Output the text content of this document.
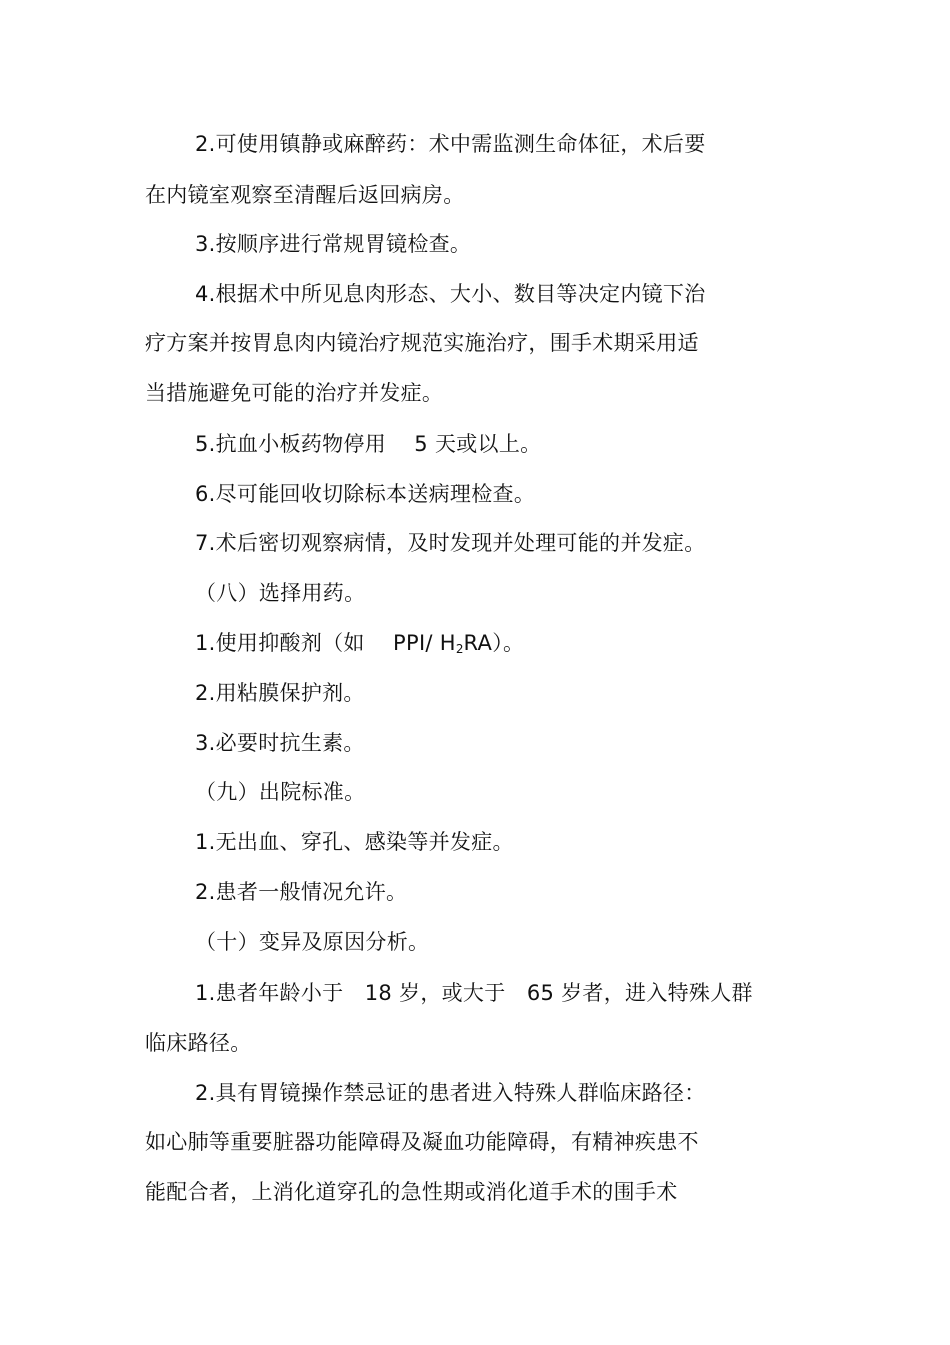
2.可使用镇静或麻醉药：术中需监测生命体征，术后要
在内镜室观察至清醒后返回病房。
3.按顺序进行常规胃镜检查。
4.根据术中所见息肉形态、大小、数目等决定内镜下治
疗方案并按胃息肉内镜治疗规范实施治疗，围手术期采用适
当措施避免可能的治疗并发症。
5.抗血小板药物停用　 5 天或以上。
6.尽可能回收切除标本送病理检查。
7.术后密切观察病情，及时发现并处理可能的并发症。
（八）选择用药。
1.使用抑酸剂（如　 PPI/ $H_2RA$）。
2.用粘膜保护剂。
3.必要时抗生素。
（九）出院标准。
1.无出血、穿孔、感染等并发症。
2.患者一般情况允许。
（十）变异及原因分析。
1.患者年龄小于　18 岁，或大于　65 岁者，进入特殊人群
临床路径。
2.具有胃镜操作禁忌证的患者进入特殊人群临床路径：
如心肺等重要脏器功能障碍及凝血功能障碍，有精神疾患不
能配合者，上消化道穿孔的急性期或消化道手术的围手术
